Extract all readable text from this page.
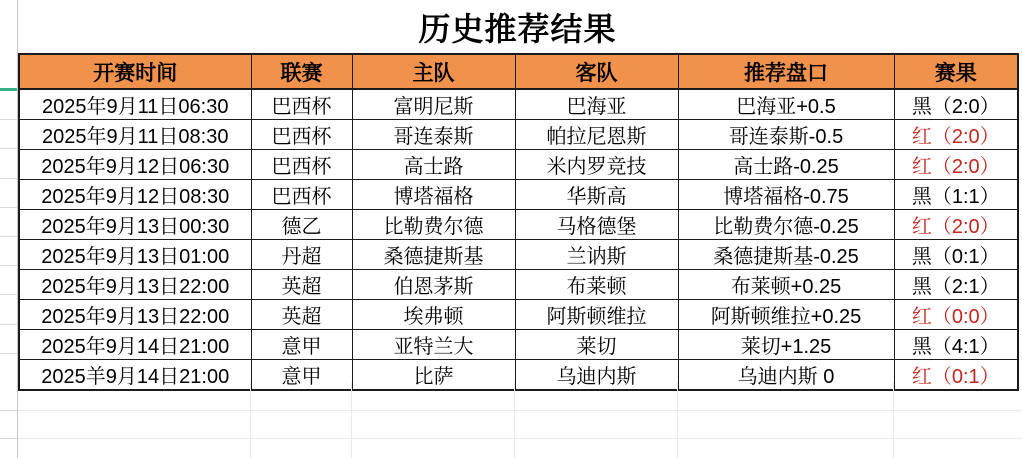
历史推荐结果
开赛时间	联赛	主队	客队	推荐盘口	赛果
2025年9月11日06:30	巴西杯	富明尼斯	巴海亚	巴海亚+0.5	黑（2:0）
2025年9月11日08:30	巴西杯	哥连泰斯	帕拉尼恩斯	哥连泰斯-0.5	红（2:0）
2025年9月12日06:30	巴西杯	高士路	米内罗竞技	高士路-0.25	红（2:0）
2025年9月12日08:30	巴西杯	博塔福格	华斯高	博塔福格-0.75	黑（1:1）
2025年9月13日00:30	德乙	比勒费尔德	马格德堡	比勒费尔德-0.25	红（2:0）
2025年9月13日01:00	丹超	桑德捷斯基	兰讷斯	桑德捷斯基-0.25	黑（0:1）
2025年9月13日22:00	英超	伯恩茅斯	布莱顿	布莱顿+0.25	黑（2:1）
2025年9月13日22:00	英超	埃弗顿	阿斯顿维拉	阿斯顿维拉+0.25	红（0:0）
2025年9月14日21:00	意甲	亚特兰大	莱切	莱切+1.25	黑（4:1）
2025羊9月14日21:00	意甲	比萨	乌迪内斯	乌迪内斯 0	红（0:1）
